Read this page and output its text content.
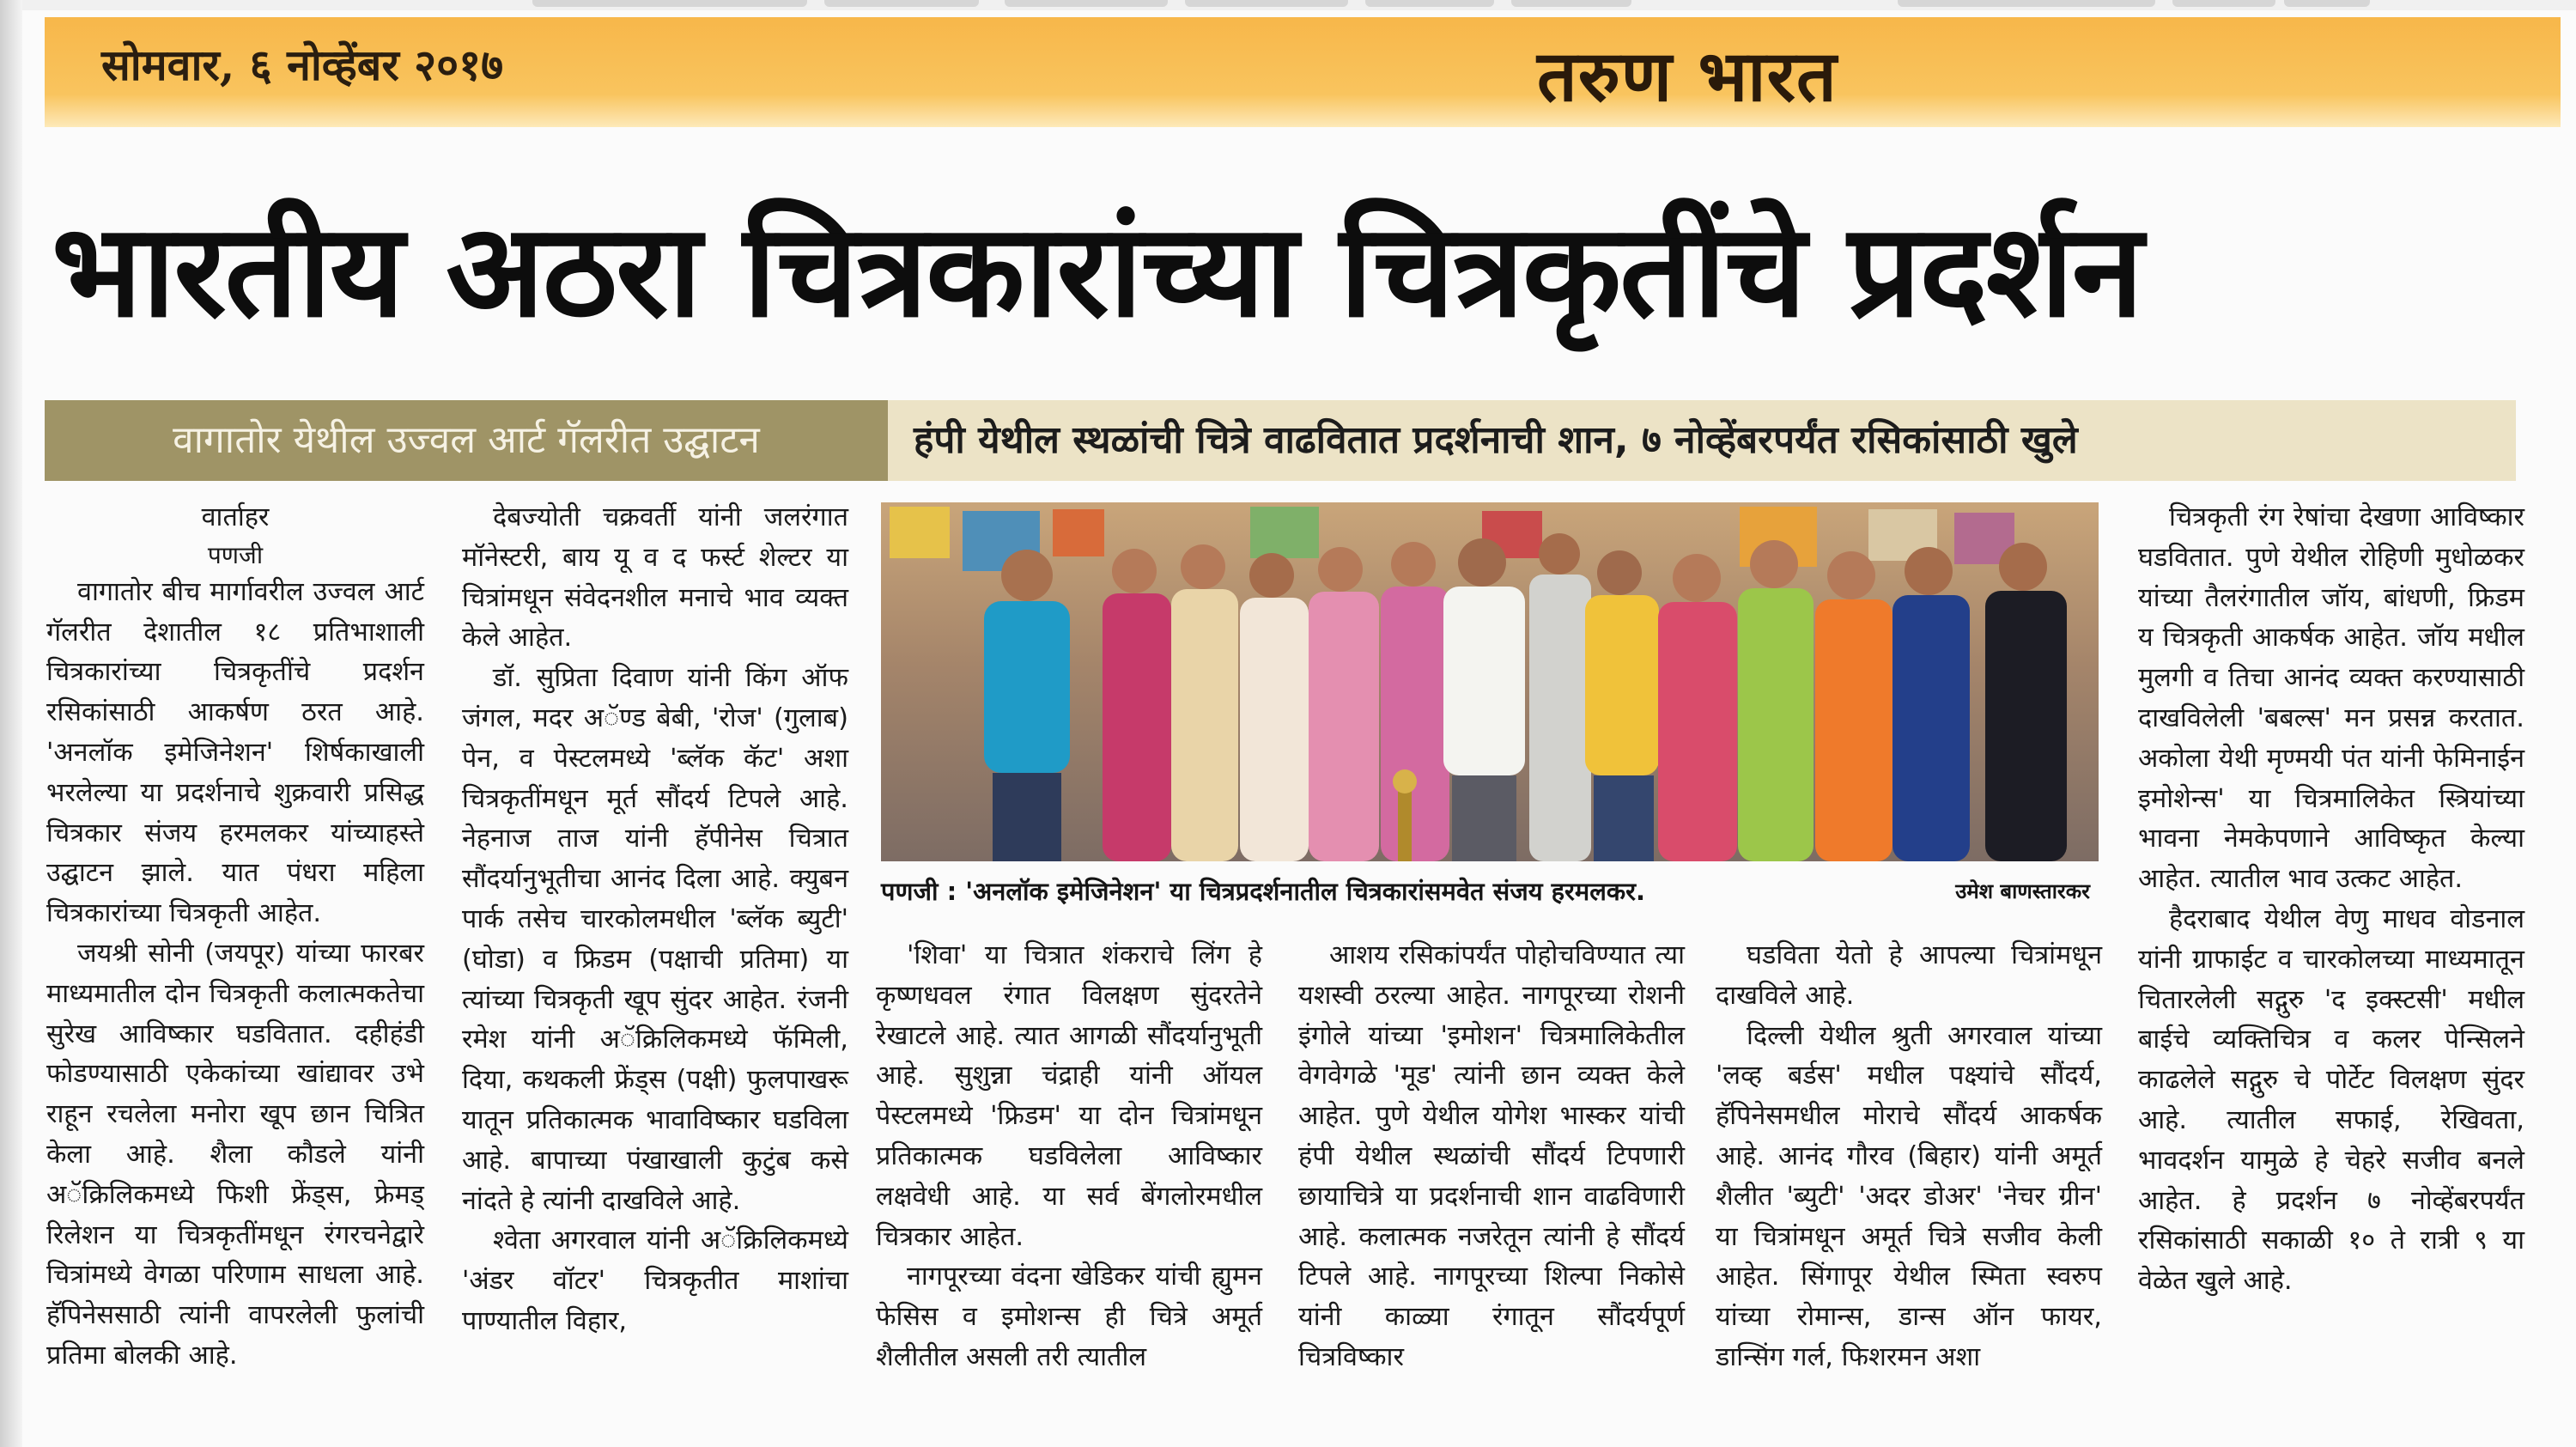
सोमवार, ६ नोव्हेंबर २०१७	तरुण भारत
भारतीय अठरा चित्रकारांच्या चित्रकृतींचे प्रदर्शन
वागातोर येथील उज्वल आर्ट गॅलरीत उद्घाटन	हंपी येथील स्थळांची चित्रे वाढवितात प्रदर्शनाची शान, ७ नोव्हेंबरपर्यंत रसिकांसाठी खुले
वार्ताहर
पणजी

वागातोर बीच मार्गावरील उज्वल आर्ट गॅलरीत देशातील १८ प्रतिभाशाली चित्रकारांच्या चित्रकृतींचे प्रदर्शन रसिकांसाठी आकर्षण ठरत आहे. 'अनलॉक इमेजिनेशन' शिर्षकाखाली भरलेल्या या प्रदर्शनाचे शुक्रवारी प्रसिद्ध चित्रकार संजय हरमलकर यांच्याहस्ते उद्घाटन झाले. यात पंधरा महिला चित्रकारांच्या चित्रकृती आहेत.

जयश्री सोनी (जयपूर) यांच्या फारबर माध्यमातील दोन चित्रकृती कलात्मकतेचा सुरेख आविष्कार घडवितात. दहीहंडी फोडण्यासाठी एकेकांच्या खांद्यावर उभे राहून रचलेला मनोरा खूप छान चित्रित केला आहे. शैला कौडले यांनी अॅक्रिलिकमध्ये फिशी फ्रेंड्स, फ्रेमड् रिलेशन या चित्रकृतींमधून रंगरचनेद्वारे चित्रांमध्ये वेगळा परिणाम साधला आहे. हॅपिनेससाठी त्यांनी वापरलेली फुलांची प्रतिमा बोलकी आहे.

देबज्योती चक्रवर्ती यांनी जलरंगात मॉनेस्टरी, बाय यू व द फर्स्ट शेल्टर या चित्रांमधून संवेदनशील मनाचे भाव व्यक्त केले आहेत.

डॉ. सुप्रिता दिवाण यांनी किंग ऑफ जंगल, मदर अॅण्ड बेबी, 'रोज' (गुलाब) पेन, व पेस्टलमध्ये 'ब्लॅक कॅट' अशा चित्रकृतींमधून मूर्त सौंदर्य टिपले आहे. नेहनाज ताज यांनी हॅपीनेस चित्रात सौंदर्यानुभूतीचा आनंद दिला आहे. क्युबन पार्क तसेच चारकोलमधील 'ब्लॅक ब्युटी' (घोडा) व फ्रिडम (पक्षाची प्रतिमा) या त्यांच्या चित्रकृती खूप सुंदर आहेत. रंजनी रमेश यांनी अॅक्रिलिकमध्ये फॅमिली, दिया, कथकली फ्रेंड्स (पक्षी) फुलपाखरू यातून प्रतिकात्मक भावाविष्कार घडविला आहे. बापाच्या पंखाखाली कुटुंब कसे नांदते हे त्यांनी दाखविले आहे.

श्वेता अगरवाल यांनी अॅक्रिलिकमध्ये 'अंडर वॉटर' चित्रकृतीत माशांचा पाण्यातील विहार,

पणजी : 'अनलॉक इमेजिनेशन' या चित्रप्रदर्शनातील चित्रकारांसमवेत संजय हरमलकर.	उमेश बाणस्तारकर

'शिवा' या चित्रात शंकराचे लिंग हे कृष्णधवल रंगात विलक्षण सुंदरतेने रेखाटले आहे. त्यात आगळी सौंदर्यानुभूती आहे. सुशुन्ना चंद्राही यांनी ऑयल पेस्टलमध्ये 'फ्रिडम' या दोन चित्रांमधून प्रतिकात्मक घडविलेला आविष्कार लक्षवेधी आहे. या सर्व बेंगलोरमधील चित्रकार आहेत.

नागपूरच्या वंदना खेडिकर यांची ह्युमन फेसिस व इमोशन्स ही चित्रे अमूर्त शैलीतील असली तरी त्यातील

आशय रसिकांपर्यंत पोहोचविण्यात त्या यशस्वी ठरल्या आहेत. नागपूरच्या रोशनी इंगोले यांच्या 'इमोशन' चित्रमालिकेतील वेगवेगळे 'मूड' त्यांनी छान व्यक्त केले आहेत. पुणे येथील योगेश भास्कर यांची हंपी येथील स्थळांची सौंदर्य टिपणारी छायाचित्रे या प्रदर्शनाची शान वाढविणारी आहे. कलात्मक नजरेतून त्यांनी हे सौंदर्य टिपले आहे. नागपूरच्या शिल्पा निकोसे यांनी काळ्या रंगातून सौंदर्यपूर्ण चित्रविष्कार

घडविता येतो हे आपल्या चित्रांमधून दाखविले आहे.

दिल्ली येथील श्रुती अगरवाल यांच्या 'लव्ह बर्डस' मधील पक्ष्यांचे सौंदर्य, हॅपिनेसमधील मोराचे सौंदर्य आकर्षक आहे. आनंद गौरव (बिहार) यांनी अमूर्त शैलीत 'ब्युटी' 'अदर डोअर' 'नेचर ग्रीन' या चित्रांमधून अमूर्त चित्रे सजीव केली आहेत. सिंगापूर येथील स्मिता स्वरुप यांच्या रोमान्स, डान्स ऑन फायर, डान्सिंग गर्ल, फिशरमन अशा

चित्रकृती रंग रेषांचा देखणा आविष्कार घडवितात. पुणे येथील रोहिणी मुधोळकर यांच्या तैलरंगातील जॉय, बांधणी, फ्रिडम य चित्रकृती आकर्षक आहेत. जॉय मधील मुलगी व तिचा आनंद व्यक्त करण्यासाठी दाखविलेली 'बबल्स' मन प्रसन्न करतात. अकोला येथी मृण्मयी पंत यांनी फेमिनाईन इमोशेन्स' या चित्रमालिकेत स्त्रियांच्या भावना नेमकेपणाने आविष्कृत केल्या आहेत. त्यातील भाव उत्कट आहेत.

हैदराबाद येथील वेणु माधव वोडनाल यांनी ग्राफाईट व चारकोलच्या माध्यमातून चितारलेली सद्गुरु 'द इक्स्टसी' मधील बाईचे व्यक्तिचित्र व कलर पेन्सिलने काढलेले सद्गुरु चे पोर्टेट विलक्षण सुंदर आहे. त्यातील सफाई, रेखिवता, भावदर्शन यामुळे हे चेहरे सजीव बनले आहेत. हे प्रदर्शन ७ नोव्हेंबरपर्यंत रसिकांसाठी सकाळी १० ते रात्री ९ या वेळेत खुले आहे.
